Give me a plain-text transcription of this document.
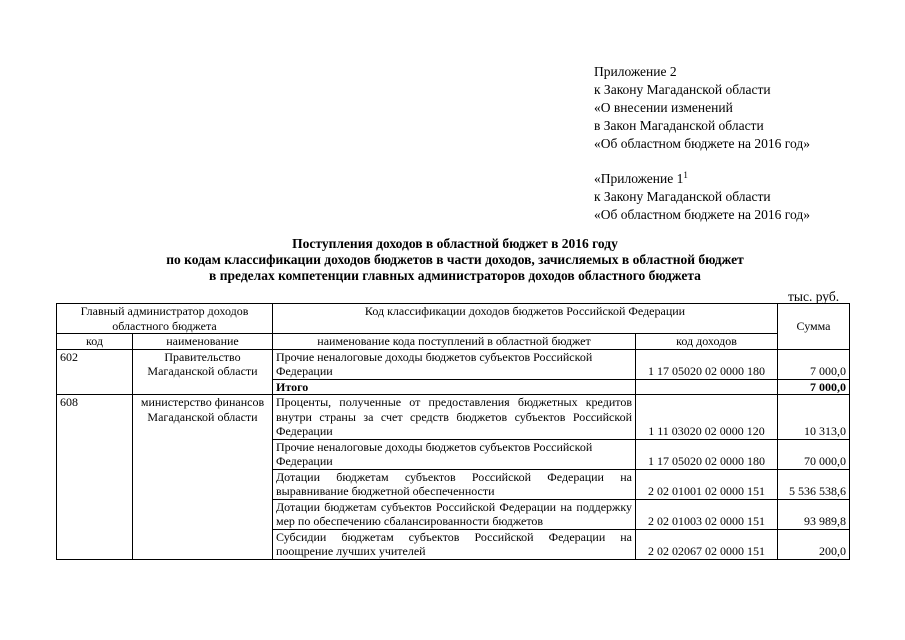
Приложение 2
к Закону Магаданской области
«О внесении изменений
в Закон Магаданской области
«Об областном бюджете на 2016 год»
«Приложение $1^1$
к Закону Магаданской области
«Об областном бюджете на 2016 год»
Поступления доходов в областной бюджет в 2016 году
по кодам классификации доходов бюджетов в части доходов, зачисляемых в областной бюджет
в пределах компетенции главных администраторов доходов областного бюджета
тыс. руб.
Главный администратор доходов областного бюджета		Код классификации доходов бюджетов Российской Федерации		Сумма
код	наименование	наименование кода поступлений в областной бюджет	код доходов	
602	Правительство Магаданской области	Прочие неналоговые доходы бюджетов субъектов Российской Федерации	1 17 05020 02 0000 180	7 000,0
		Итого		7 000,0
608	министерство финансов Магаданской области	Проценты, полученные от предоставления бюджетных кредитов внутри страны за счет средств бюджетов субъектов Российской Федерации	1 11 03020 02 0000 120	10 313,0
		Прочие неналоговые доходы бюджетов субъектов Российской Федерации	1 17 05020 02 0000 180	70 000,0
		Дотации бюджетам субъектов Российской Федерации на выравнивание бюджетной обеспеченности	2 02 01001 02 0000 151	5 536 538,6
		Дотации бюджетам субъектов Российской Федерации на поддержку мер по обеспечению сбалансированности бюджетов	2 02 01003 02 0000 151	93 989,8
		Субсидии бюджетам субъектов Российской Федерации на поощрение лучших учителей	2 02 02067 02 0000 151	200,0
